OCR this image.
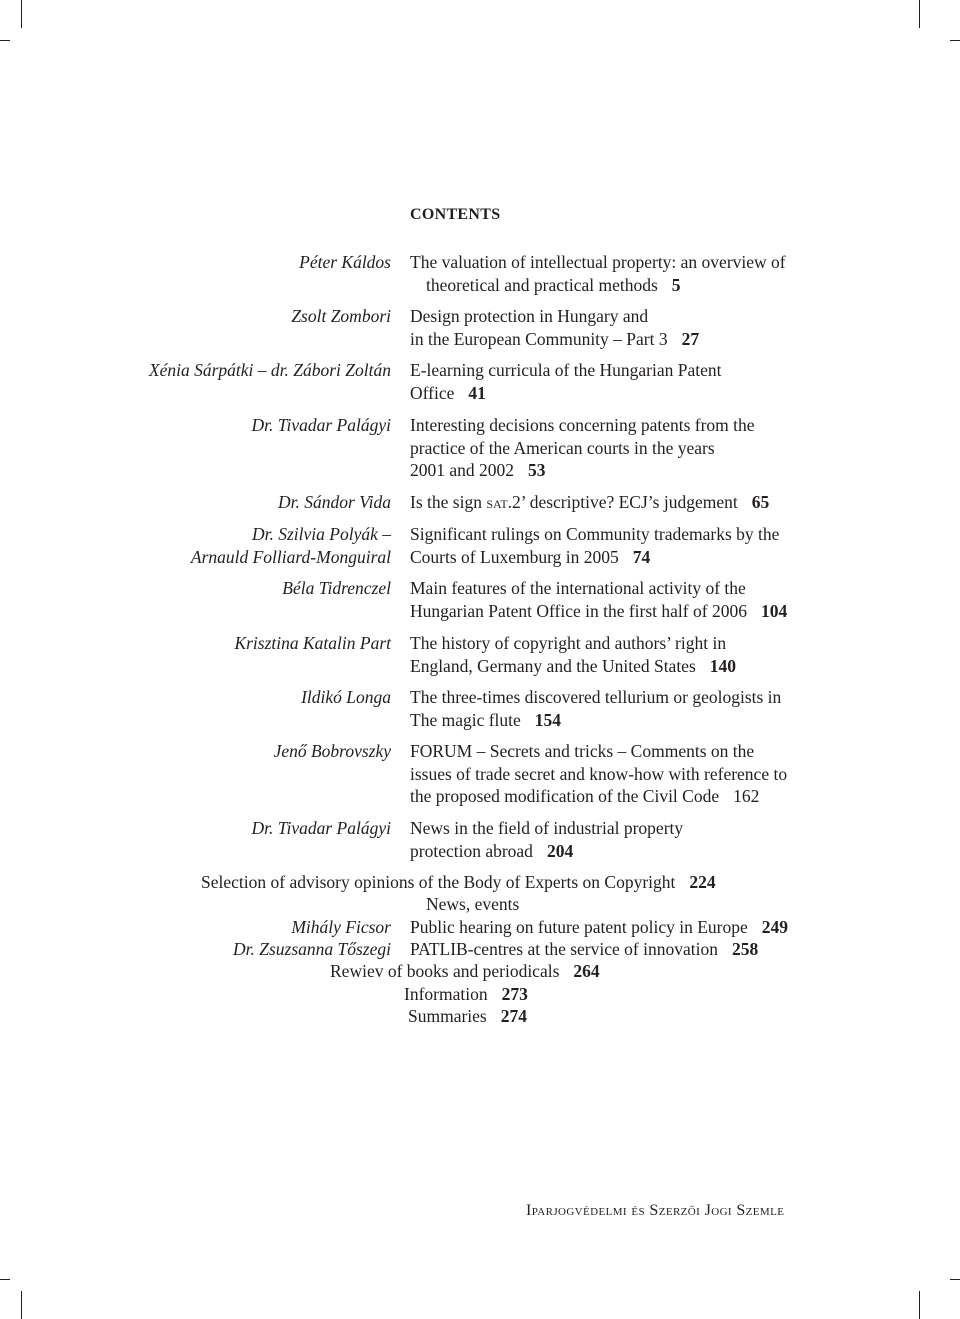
CONTENTS
Péter Káldos The valuation of intellectual property: an overview of
theoretical and practical methods 5
Zsolt Zombori Design protection in Hungary and
in the European Community – Part 3 27
Xénia Sárpátki – dr. Zábori Zoltán E-learning curricula of the Hungarian Patent
Office 41
Dr. Tivadar Palágyi Interesting decisions concerning patents from the
practice of the American courts in the years
2001 and 2002 53
Dr. Sándor Vida Is the sign sat.2’ descriptive? ECJ’s judgement 65
Dr. Szilvia Polyák –
Arnauld Folliard-Monguiral
Significant rulings on Community trademarks by the
Courts of Luxemburg in 2005 74
Béla Tidrenczel Main features of the international activity of the
Hungarian Patent Office in the first half of 2006 104
Krisztina Katalin Part The history of copyright and authors’ right in
England, Germany and the United States 140
Ildikó Longa The three-times discovered tellurium or geologists in
The magic flute 154
Jenő Bobrovszky FORUM – Secrets and tricks – Comments on the
issues of trade secret and know-how with reference to
the proposed modification of the Civil Code 162
Dr. Tivadar Palágyi News in the field of industrial property
protection abroad 204
Selection of advisory opinions of the Body of Experts on Copyright 224
News, events
Mihály Ficsor Public hearing on future patent policy in Europe 249
Dr. Zsuzsanna Tőszegi PATLIB-centres at the service of innovation 258
Rewiev of books and periodicals 264
Information 273
Summaries 274
Iparjogvédelmi és Szerzői Jogi Szemle
